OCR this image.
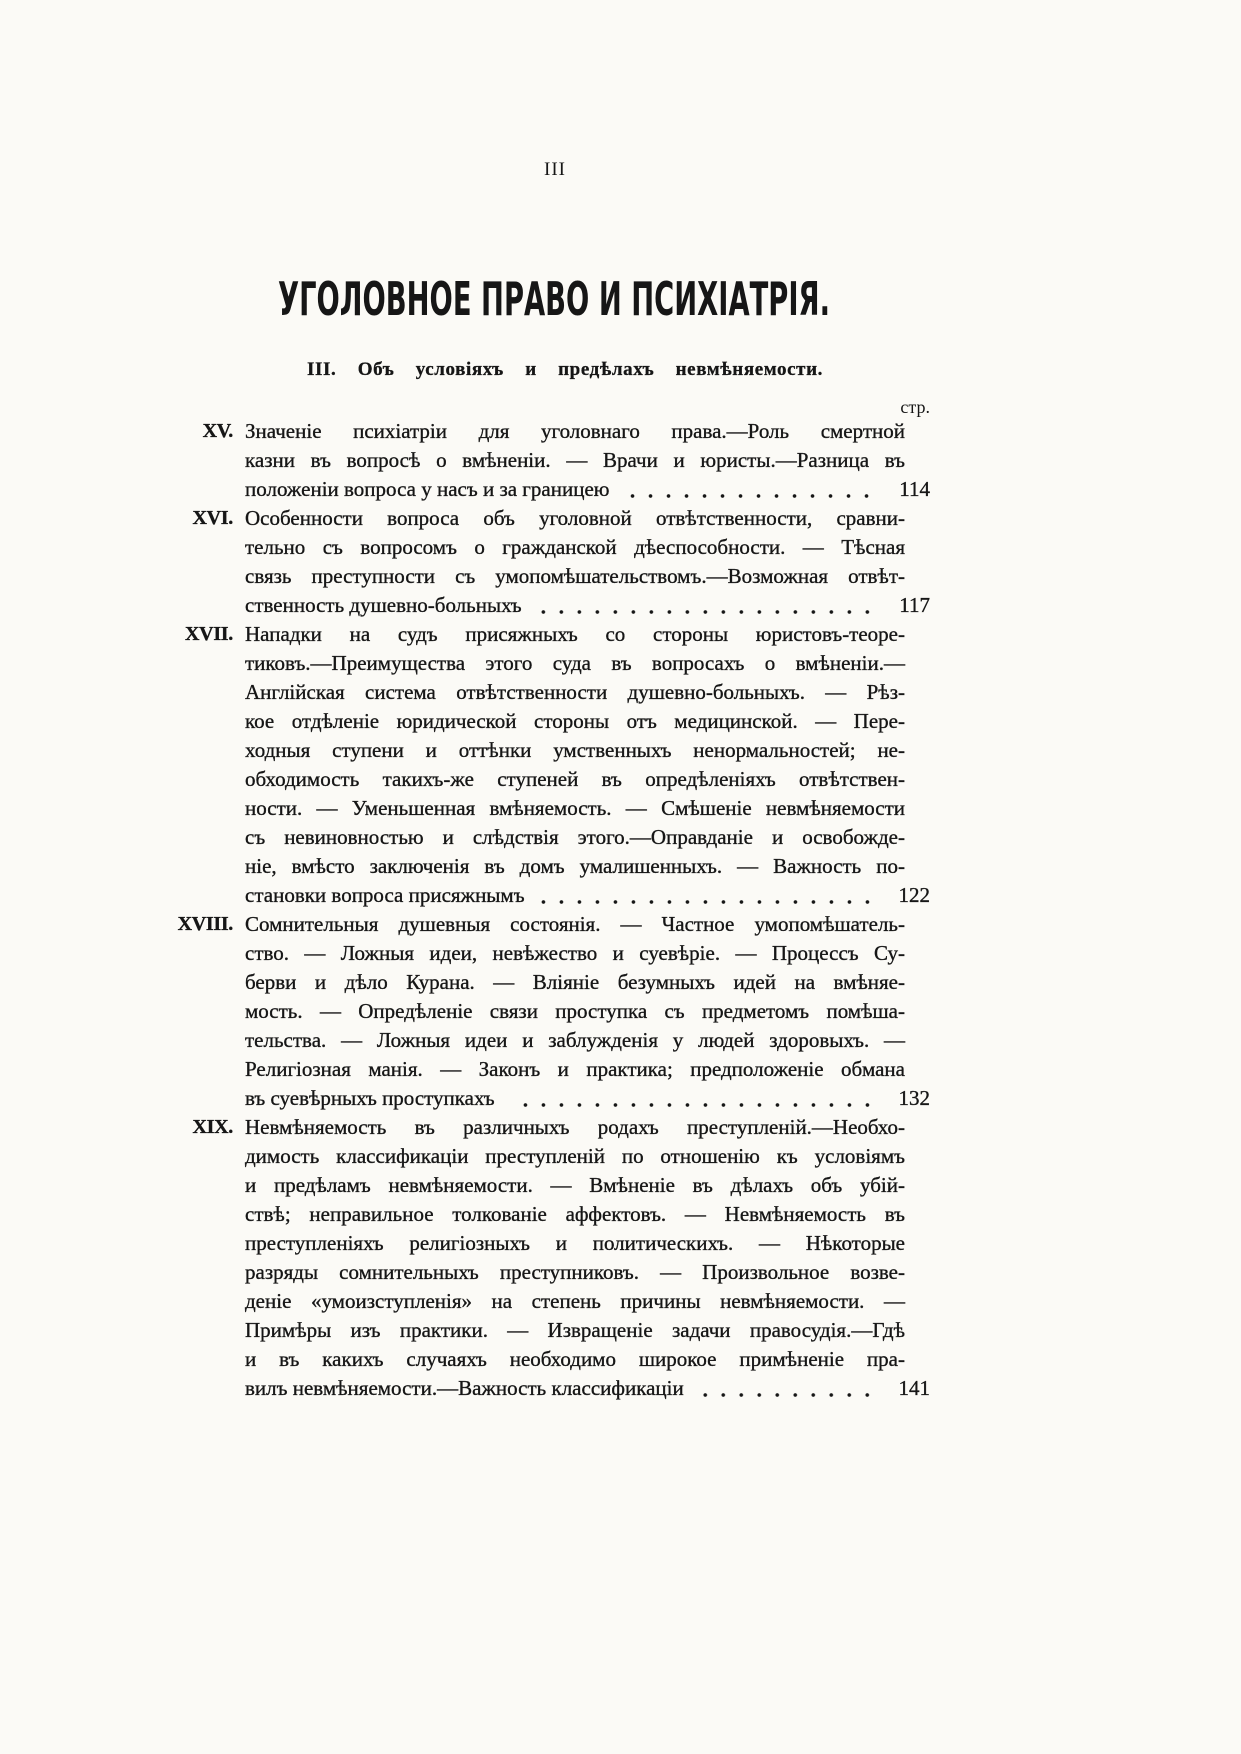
III
УГОЛОВНОЕ ПРАВО И ПСИХІАТРІЯ.
III. Объ условіяхъ и предѣлахъ невмѣняемости.
стр.
XV. Значеніе психіатріи для уголовнаго права.—Роль смертной
казни въ вопросѣ о вмѣненіи. — Врачи и юристы.—Разница въ
положеніи вопроса у насъ и за границею	114
XVI. Особенности вопроса объ уголовной отвѣтственности, сравни-
тельно съ вопросомъ о гражданской дѣеспособности. — Тѣсная
связь преступности съ умопомѣшательствомъ.—Возможная отвѣт-
ственность душевно-больныхъ	117
XVII. Нападки на судъ присяжныхъ со стороны юристовъ-теоре-
тиковъ.—Преимущества этого суда въ вопросахъ о вмѣненіи.—
Англійская система отвѣтственности душевно-больныхъ. — Рѣз-
кое отдѣленіе юридической стороны отъ медицинской. — Пере-
ходныя ступени и оттѣнки умственныхъ ненормальностей; не-
обходимость такихъ-же ступеней въ опредѣленіяхъ отвѣтствен-
ности. — Уменьшенная вмѣняемость. — Смѣшеніе невмѣняемости
съ невиновностью и слѣдствія этого.—Оправданіе и освобожде-
ніе, вмѣсто заключенія въ домъ умалишенныхъ. — Важность по-
становки вопроса присяжнымъ	122
XVIII. Сомнительныя душевныя состоянія. — Частное умопомѣшатель-
ство. — Ложныя идеи, невѣжество и суевѣріе. — Процессъ Су-
берви и дѣло Курана. — Вліяніе безумныхъ идей на вмѣняе-
мость. — Опредѣленіе связи проступка съ предметомъ помѣша-
тельства. — Ложныя идеи и заблужденія у людей здоровыхъ. —
Религіозная манія. — Законъ и практика; предположеніе обмана
въ суевѣрныхъ проступкахъ	132
XIX. Невмѣняемость въ различныхъ родахъ преступленій.—Необхо-
димость классификаціи преступленій по отношенію къ условіямъ
и предѣламъ невмѣняемости. — Вмѣненіе въ дѣлахъ объ убій-
ствѣ; неправильное толкованіе аффектовъ. — Невмѣняемость въ
преступленіяхъ религіозныхъ и политическихъ. — Нѣкоторые
разряды сомнительныхъ преступниковъ. — Произвольное возве-
деніе «умоизступленія» на степень причины невмѣняемости. —
Примѣры изъ практики. — Извращеніе задачи правосудія.—Гдѣ
и въ какихъ случаяхъ необходимо широкое примѣненіе пра-
вилъ невмѣняемости.—Важность классификаціи	141
